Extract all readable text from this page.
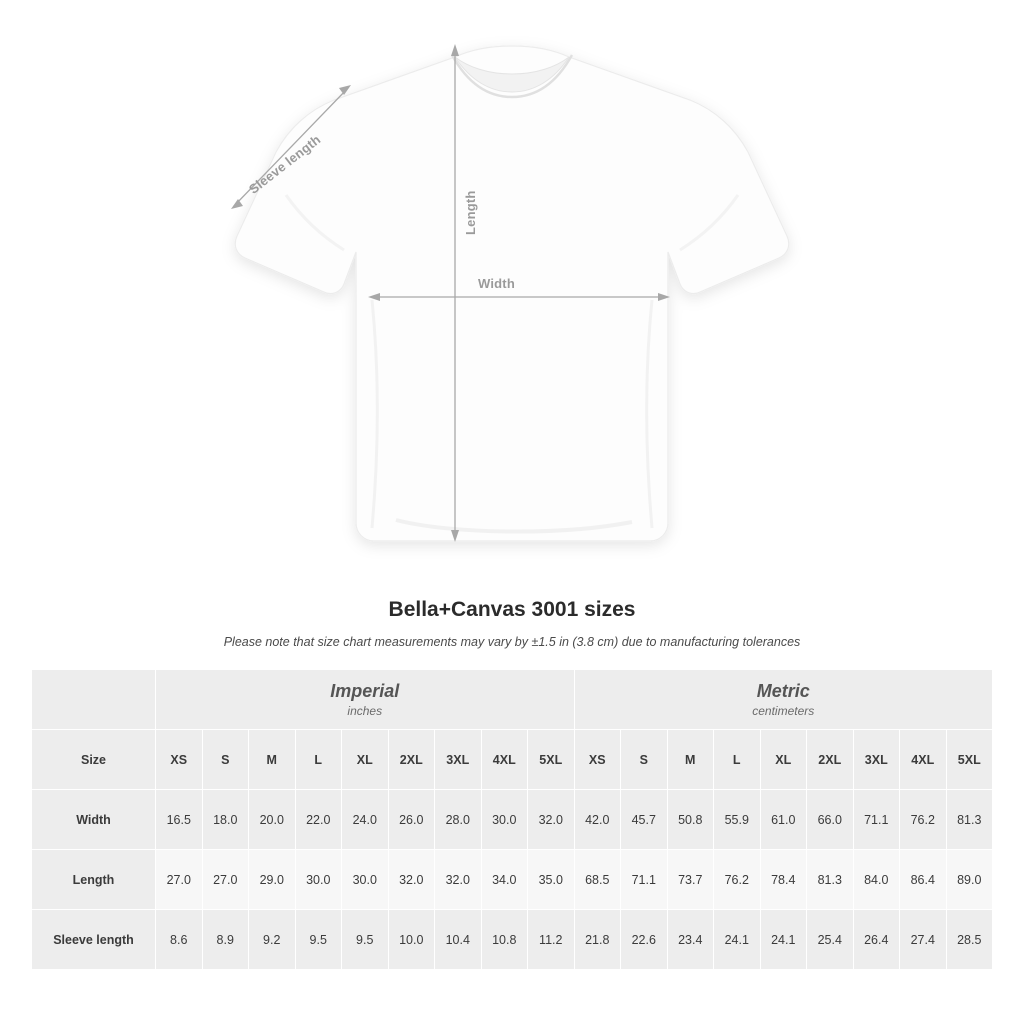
Sleeve length
Length
Width
Bella+Canvas 3001 sizes
Please note that size chart measurements may vary by ±1.5 in (3.8 cm) due to manufacturing tolerances

	Imperial
inches									Metric
centimeters								

Size	XS	S	M	L	XL	2XL	3XL	4XL	5XL	XS	S	M	L	XL	2XL	3XL	4XL	5XL
Width	16.5	18.0	20.0	22.0	24.0	26.0	28.0	30.0	32.0	42.0	45.7	50.8	55.9	61.0	66.0	71.1	76.2	81.3
Length	27.0	27.0	29.0	30.0	30.0	32.0	32.0	34.0	35.0	68.5	71.1	73.7	76.2	78.4	81.3	84.0	86.4	89.0
Sleeve length	8.6	8.9	9.2	9.5	9.5	10.0	10.4	10.8	11.2	21.8	22.6	23.4	24.1	24.1	25.4	26.4	27.4	28.5
